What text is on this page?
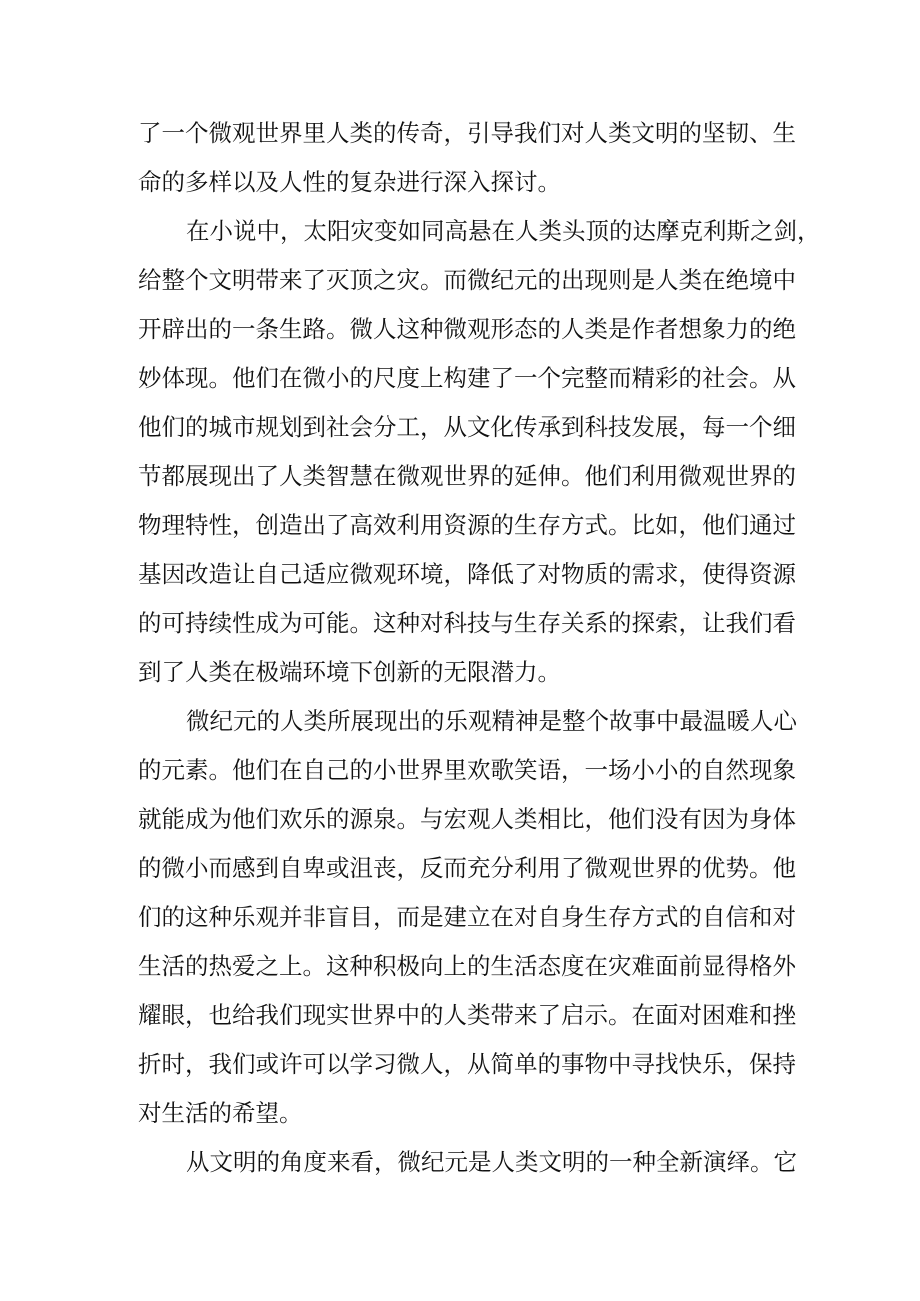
了一个微观世界里人类的传奇，引导我们对人类文明的坚韧、生
命的多样以及人性的复杂进行深入探讨。
在小说中，太阳灾变如同高悬在人类头顶的达摩克利斯之剑，
给整个文明带来了灭顶之灾。而微纪元的出现则是人类在绝境中
开辟出的一条生路。微人这种微观形态的人类是作者想象力的绝
妙体现。他们在微小的尺度上构建了一个完整而精彩的社会。从
他们的城市规划到社会分工，从文化传承到科技发展，每一个细
节都展现出了人类智慧在微观世界的延伸。他们利用微观世界的
物理特性，创造出了高效利用资源的生存方式。比如，他们通过
基因改造让自己适应微观环境，降低了对物质的需求，使得资源
的可持续性成为可能。这种对科技与生存关系的探索，让我们看
到了人类在极端环境下创新的无限潜力。
微纪元的人类所展现出的乐观精神是整个故事中最温暖人心
的元素。他们在自己的小世界里欢歌笑语，一场小小的自然现象
就能成为他们欢乐的源泉。与宏观人类相比，他们没有因为身体
的微小而感到自卑或沮丧，反而充分利用了微观世界的优势。他
们的这种乐观并非盲目，而是建立在对自身生存方式的自信和对
生活的热爱之上。这种积极向上的生活态度在灾难面前显得格外
耀眼，也给我们现实世界中的人类带来了启示。在面对困难和挫
折时，我们或许可以学习微人，从简单的事物中寻找快乐，保持
对生活的希望。
从文明的角度来看，微纪元是人类文明的一种全新演绎。它
